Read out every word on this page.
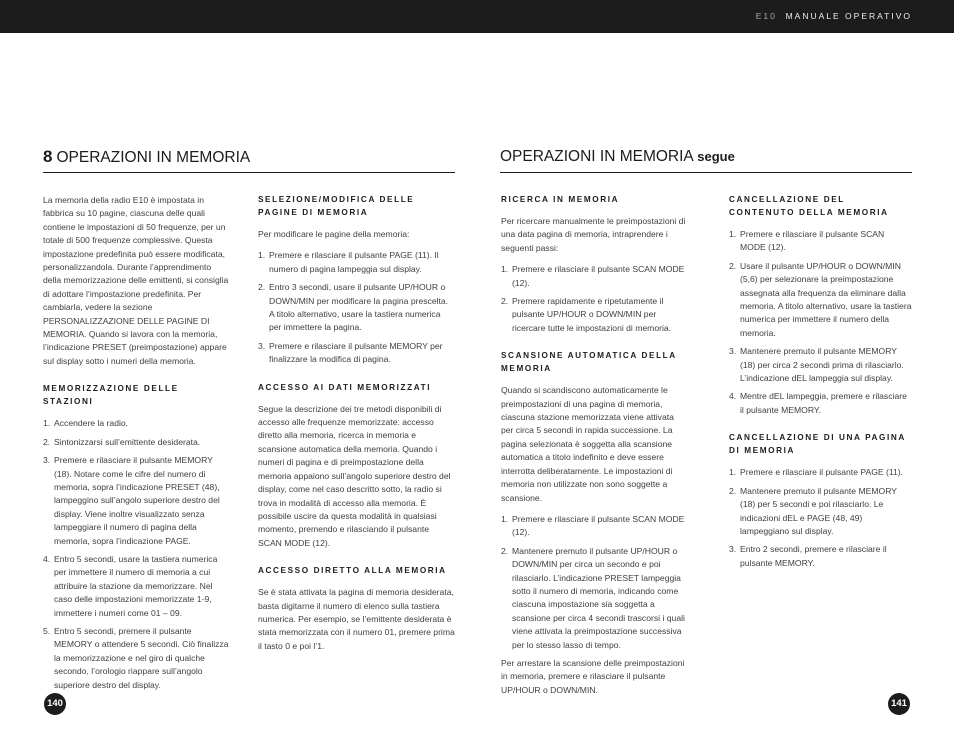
E10 MANUALE OPERATIVO
8 OPERAZIONI IN MEMORIA

La memoria della radio E10 è impostata in fabbrica su 10 pagine, ciascuna delle quali contiene le impostazioni di 50 frequenze, per un totale di 500 frequenze complessive. Questa impostazione predefinita può essere modificata, personalizzandola. Durante l’apprendimento della memorizzazione delle emittenti, si consiglia di adottare l’impostazione predefinita. Per cambiarla, vedere la sezione PERSONALIZZAZIONE DELLE PAGINE DI MEMORIA. Quando si lavora con la memoria, l’indicazione PRESET (preimpostazione) appare sul display sotto i numeri della memoria.

MEMORIZZAZIONE DELLE STAZIONI
1. Accendere la radio.
2. Sintonizzarsi sull’emittente desiderata.
3. Premere e rilasciare il pulsante MEMORY (18). Notare come le cifre del numero di memoria, sopra l’indicazione PRESET (48), lampeggino sull’angolo superiore destro del display. Viene inoltre visualizzato senza lampeggiare il numero di pagina della memoria, sopra l’indicazione PAGE.
4. Entro 5 secondi, usare la tastiera numerica per immettere il numero di memoria a cui attribuire la stazione da memorizzare. Nel caso delle impostazioni memorizzate 1-9, immettere i numeri come 01 – 09.
5. Entro 5 secondi, premere il pulsante MEMORY o attendere 5 secondi. Ciò finalizza la memorizzazione e nel giro di qualche secondo, l’orologio riappare sull’angolo superiore destro del display.
SELEZIONE/MODIFICA DELLE PAGINE DI MEMORIA

Per modificare le pagine della memoria:

1. Premere e rilasciare il pulsante PAGE (11). Il numero di pagina lampeggia sul display.
2. Entro 3 secondi, usare il pulsante UP/HOUR o DOWN/MIN per modificare la pagina prescelta. A titolo alternativo, usare la tastiera numerica per immettere la pagina.
3. Premere e rilasciare il pulsante MEMORY per finalizzare la modifica di pagina.
ACCESSO AI DATI MEMORIZZATI

Segue la descrizione dei tre metodi disponibili di accesso alle frequenze memorizzate: accesso diretto alla memoria, ricerca in memoria e scansione automatica della memoria. Quando i numeri di pagina e di preimpostazione della memoria appaiono sull’angolo superiore destro del display, come nel caso descritto sotto, la radio si trova in modalità di accesso alla memoria. È possibile uscire da questa modalità in qualsiasi momento, premendo e rilasciando il pulsante SCAN MODE (12).

ACCESSO DIRETTO ALLA MEMORIA

Se è stata attivata la pagina di memoria desiderata, basta digitarne il numero di elenco sulla tastiera numerica. Per esempio, se l’emittente desiderata è stata memorizzata con il numero 01, premere prima il tasto 0 e poi l’1.

140
OPERAZIONI IN MEMORIA segue
RICERCA IN MEMORIA

Per ricercare manualmente le preimpostazioni di una data pagina di memoria, intraprendere i seguenti passi:

1. Premere e rilasciare il pulsante SCAN MODE (12).
2. Premere rapidamente e ripetutamente il pulsante UP/HOUR o DOWN/MIN per ricercare tutte le impostazioni di memoria.
SCANSIONE AUTOMATICA DELLA MEMORIA

Quando si scandiscono automaticamente le preimpostazioni di una pagina di memoria, ciascuna stazione memorizzata viene attivata per circa 5 secondi in rapida successione. La pagina selezionata è soggetta alla scansione automatica a titolo indefinito e deve essere interrotta deliberatamente. Le impostazioni di memoria non utilizzate non sono soggette a scansione.

1. Premere e rilasciare il pulsante SCAN MODE (12).
2. Mantenere premuto il pulsante UP/HOUR o DOWN/MIN per circa un secondo e poi rilasciarlo. L’indicazione PRESET lampeggia sotto il numero di memoria, indicando come ciascuna impostazione sia soggetta a scansione per circa 4 secondi trascorsi i quali viene attivata la preimpostazione successiva per lo stesso lasso di tempo.

Per arrestare la scansione delle preimpostazioni in memoria, premere e rilasciare il pulsante UP/HOUR o DOWN/MIN.

CANCELLAZIONE DEL CONTENUTO DELLA MEMORIA
1. Premere e rilasciare il pulsante SCAN MODE (12).
2. Usare il pulsante UP/HOUR o DOWN/MIN (5,6) per selezionare la preimpostazione assegnata alla frequenza da eliminare dalla memoria. A titolo alternativo, usare la tastiera numerica per immettere il numero della memoria.
3. Mantenere premuto il pulsante MEMORY (18) per circa 2 secondi prima di rilasciarlo. L’indicazione dEL lampeggia sul display.
4. Mentre dEL lampeggia, premere e rilasciare il pulsante MEMORY.
CANCELLAZIONE DI UNA PAGINA DI MEMORIA
1. Premere e rilasciare il pulsante PAGE (11).
2. Mantenere premuto il pulsante MEMORY (18) per 5 secondi e poi rilasciarlo. Le indicazioni dEL e PAGE (48, 49) lampeggiano sul display.
3. Entro 2 secondi, premere e rilasciare il pulsante MEMORY.
141
